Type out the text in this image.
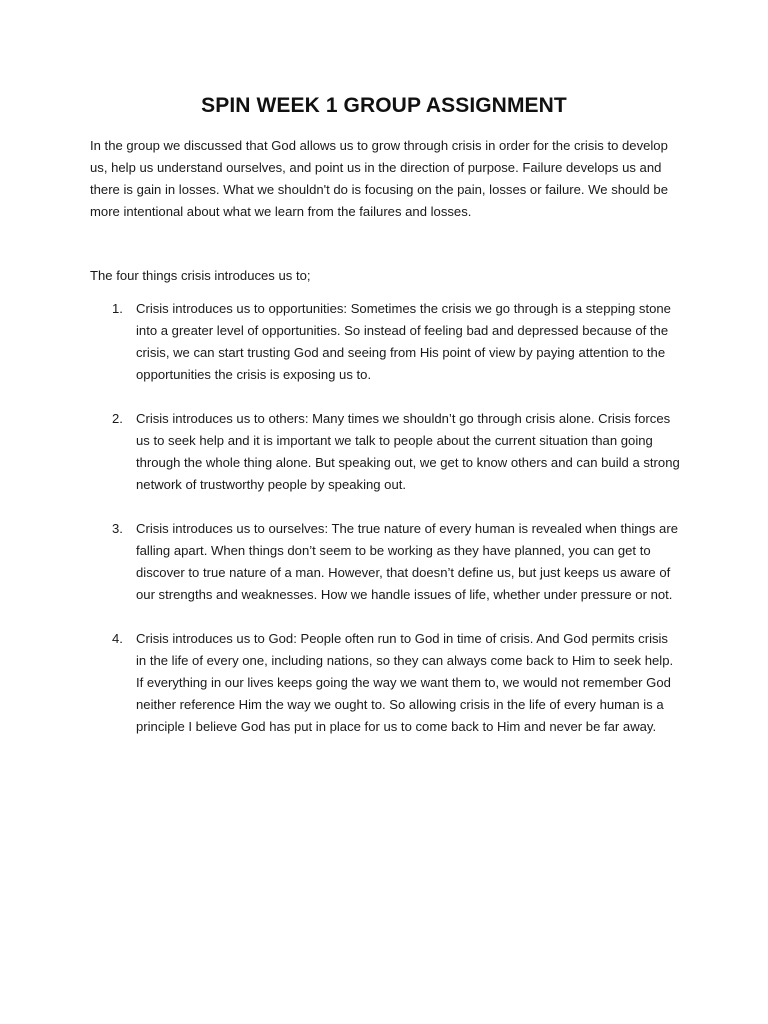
SPIN WEEK 1 GROUP ASSIGNMENT

In the group we discussed that God allows us to grow through crisis in order for the crisis to develop us, help us understand ourselves, and point us in the direction of purpose. Failure develops us and there is gain in losses. What we shouldn't do is focusing on the pain, losses or failure. We should be more intentional about what we learn from the failures and losses.

The four things crisis introduces us to;

1. Crisis introduces us to opportunities: Sometimes the crisis we go through is a stepping stone into a greater level of opportunities. So instead of feeling bad and depressed because of the crisis, we can start trusting God and seeing from His point of view by paying attention to the opportunities the crisis is exposing us to.
2. Crisis introduces us to others: Many times we shouldn’t go through crisis alone. Crisis forces us to seek help and it is important we talk to people about the current situation than going through the whole thing alone. But speaking out, we get to know others and can build a strong network of trustworthy people by speaking out.
3. Crisis introduces us to ourselves: The true nature of every human is revealed when things are falling apart. When things don’t seem to be working as they have planned, you can get to discover to true nature of a man. However, that doesn’t define us, but just keeps us aware of our strengths and weaknesses. How we handle issues of life, whether under pressure or not.
4. Crisis introduces us to God: People often run to God in time of crisis. And God permits crisis in the life of every one, including nations, so they can always come back to Him to seek help. If everything in our lives keeps going the way we want them to, we would not remember God neither reference Him the way we ought to. So allowing crisis in the life of every human is a principle I believe God has put in place for us to come back to Him and never be far away.
